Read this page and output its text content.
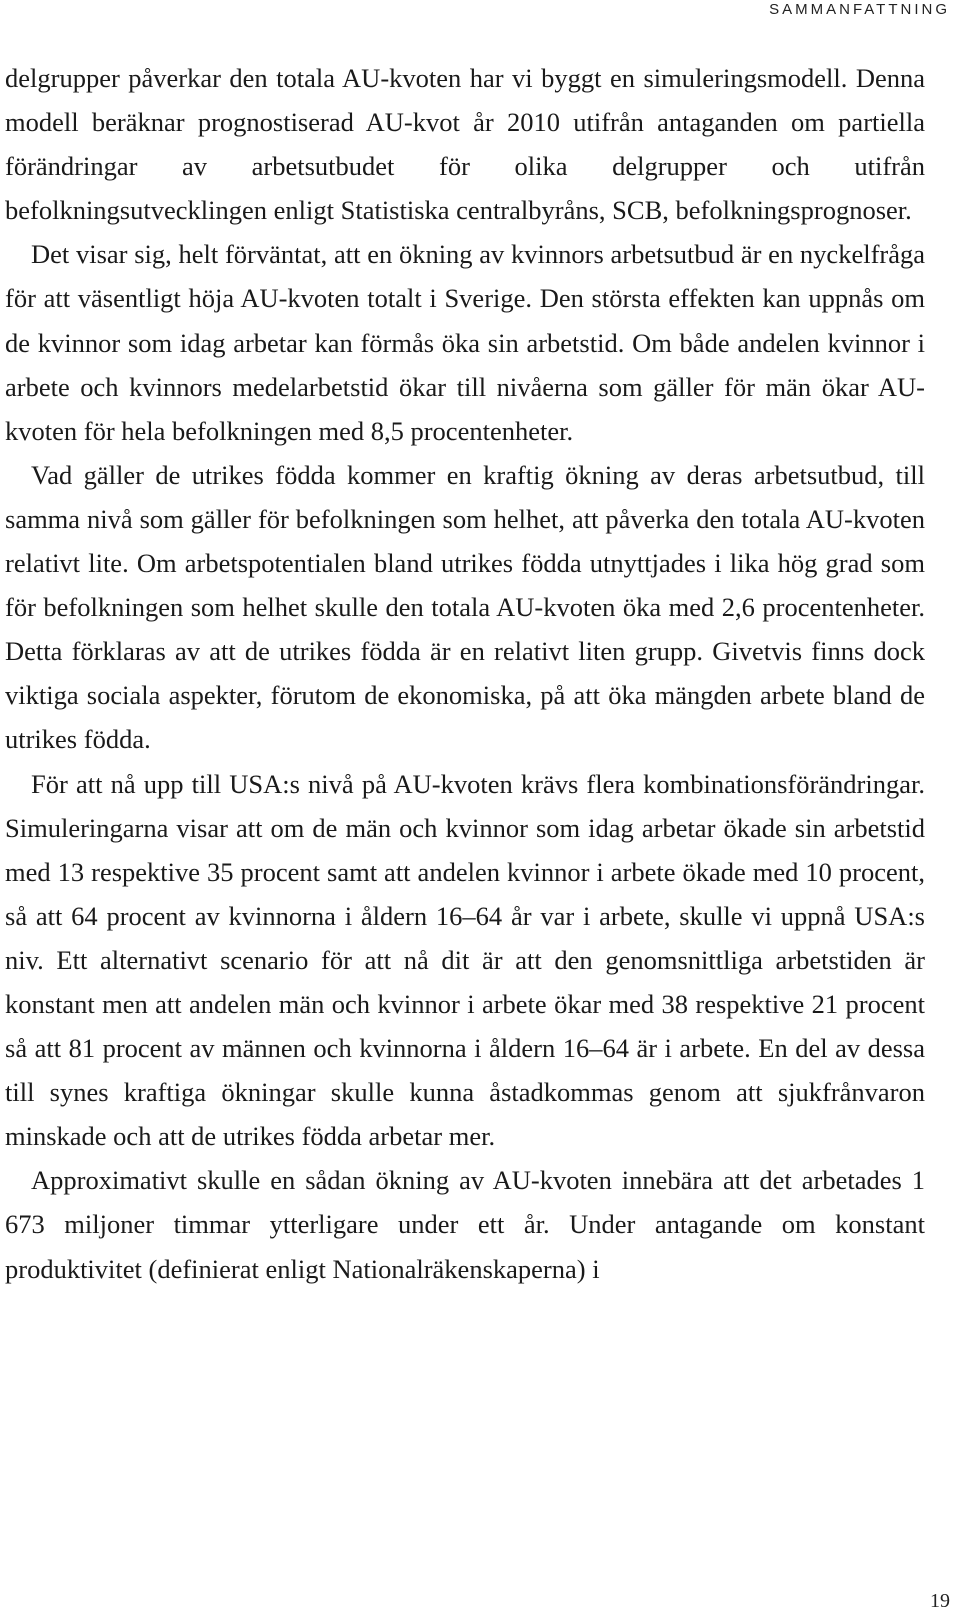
SAMMANFATTNING

delgrupper påverkar den totala AU-kvoten har vi byggt en simuleringsmodell. Denna modell beräknar prognostiserad AU-kvot år 2010 utifrån antaganden om partiella förändringar av arbetsutbudet för olika delgrupper och utifrån befolkningsutvecklingen enligt Statistiska centralbyråns, SCB, befolkningsprognoser.

Det visar sig, helt förväntat, att en ökning av kvinnors arbetsutbud är en nyckelfråga för att väsentligt höja AU-kvoten totalt i Sverige. Den största effekten kan uppnås om de kvinnor som idag arbetar kan förmås öka sin arbetstid. Om både andelen kvinnor i arbete och kvinnors medelarbetstid ökar till nivåerna som gäller för män ökar AU-kvoten för hela befolkningen med 8,5 procentenheter.

Vad gäller de utrikes födda kommer en kraftig ökning av deras arbetsutbud, till samma nivå som gäller för befolkningen som helhet, att påverka den totala AU-kvoten relativt lite. Om arbetspotentialen bland utrikes födda utnyttjades i lika hög grad som för befolkningen som helhet skulle den totala AU-kvoten öka med 2,6 procentenheter. Detta förklaras av att de utrikes födda är en relativt liten grupp. Givetvis finns dock viktiga sociala aspekter, förutom de ekonomiska, på att öka mängden arbete bland de utrikes födda.

För att nå upp till USA:s nivå på AU-kvoten krävs flera kombinationsförändringar. Simuleringarna visar att om de män och kvinnor som idag arbetar ökade sin arbetstid med 13 respektive 35 procent samt att andelen kvinnor i arbete ökade med 10 procent, så att 64 procent av kvinnorna i åldern 16–64 år var i arbete, skulle vi uppnå USA:s niv. Ett alternativt scenario för att nå dit är att den genomsnittliga arbetstiden är konstant men att andelen män och kvinnor i arbete ökar med 38 respektive 21 procent så att 81 procent av männen och kvinnorna i åldern 16–64 är i arbete. En del av dessa till synes kraftiga ökningar skulle kunna åstadkommas genom att sjukfrånvaron minskade och att de utrikes födda arbetar mer.

Approximativt skulle en sådan ökning av AU-kvoten innebära att det arbetades 1 673 miljoner timmar ytterligare under ett år. Under antagande om konstant produktivitet (definierat enligt Nationalräkenskaperna) i

19
